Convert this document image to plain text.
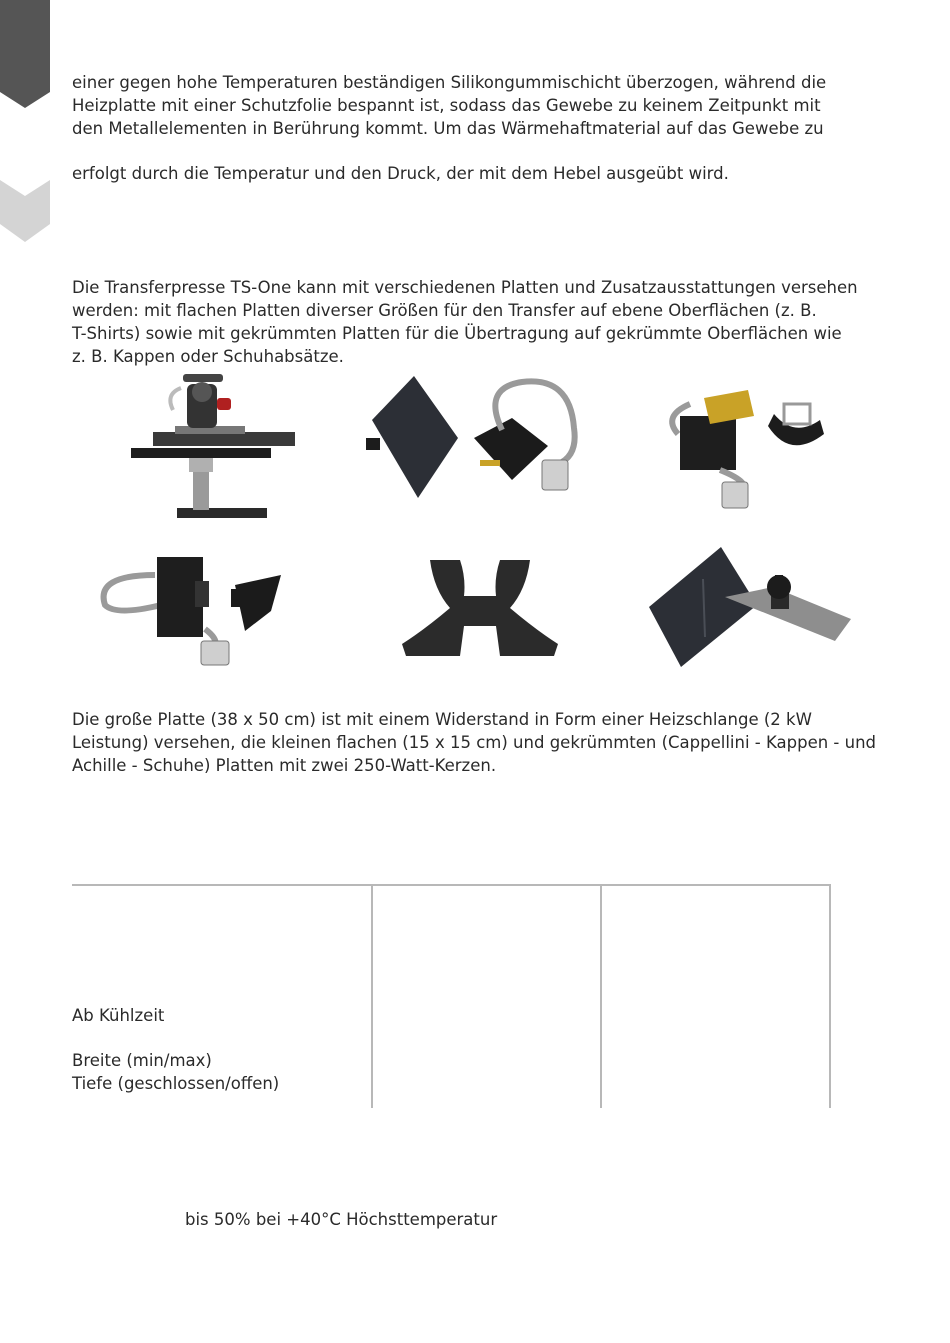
einer gegen hohe Temperaturen beständigen Silikongummischicht überzogen, während die
Heizplatte mit einer Schutzfolie bespannt ist, sodass das Gewebe zu keinem Zeitpunkt mit
den Metallelementen in Berührung kommt. Um das Wärmehaftmaterial auf das Gewebe zu

erfolgt durch die Temperatur und den Druck, der mit dem Hebel ausgeübt wird.

Die Transferpresse TS-One kann mit verschiedenen Platten und Zusatzausstattungen versehen
werden: mit flachen Platten diverser Größen für den Transfer auf ebene Oberflächen (z. B.
T-Shirts) sowie mit gekrümmten Platten für die Übertragung auf gekrümmte Oberflächen wie
z. B. Kappen oder Schuhabsätze.

Die große Platte (38 x 50 cm) ist mit einem Widerstand in Form einer Heizschlange (2 kW
Leistung) versehen, die kleinen flachen (15 x 15 cm) und gekrümmten (Cappellini - Kappen - und
Achille - Schuhe) Platten mit zwei 250-Watt-Kerzen.

Ab Kühlzeit

Breite (min/max)

Tiefe (geschlossen/offen)

bis 50% bei +40°C Höchsttemperatur
